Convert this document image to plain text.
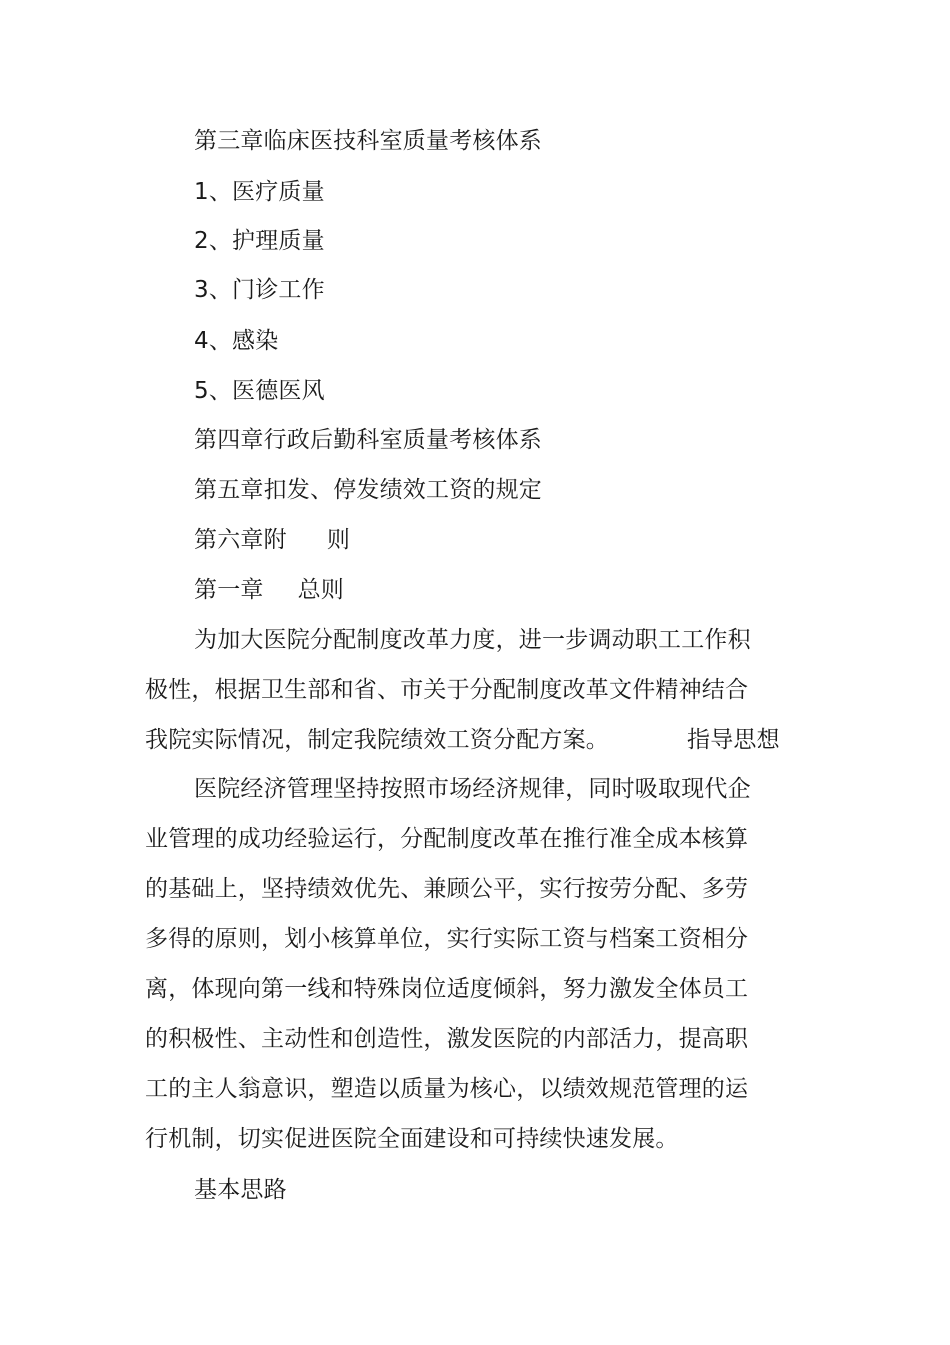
第三章临床医技科室质量考核体系
1、医疗质量
2、护理质量
3、门诊工作
4、感染
5、医德医风
第四章行政后勤科室质量考核体系
第五章扣发、停发绩效工资的规定
第六章附 则
第一章 总则
为加大医院分配制度改革力度，进一步调动职工工作积
极性，根据卫生部和省、市关于分配制度改革文件精神结合
我院实际情况，制定我院绩效工资分配方案。	指导思想
医院经济管理坚持按照市场经济规律，同时吸取现代企
业管理的成功经验运行，分配制度改革在推行准全成本核算
的基础上，坚持绩效优先、兼顾公平，实行按劳分配、多劳
多得的原则，划小核算单位，实行实际工资与档案工资相分
离，体现向第一线和特殊岗位适度倾斜，努力激发全体员工
的积极性、主动性和创造性，激发医院的内部活力，提高职
工的主人翁意识，塑造以质量为核心，以绩效规范管理的运
行机制，切实促进医院全面建设和可持续快速发展。
基本思路
